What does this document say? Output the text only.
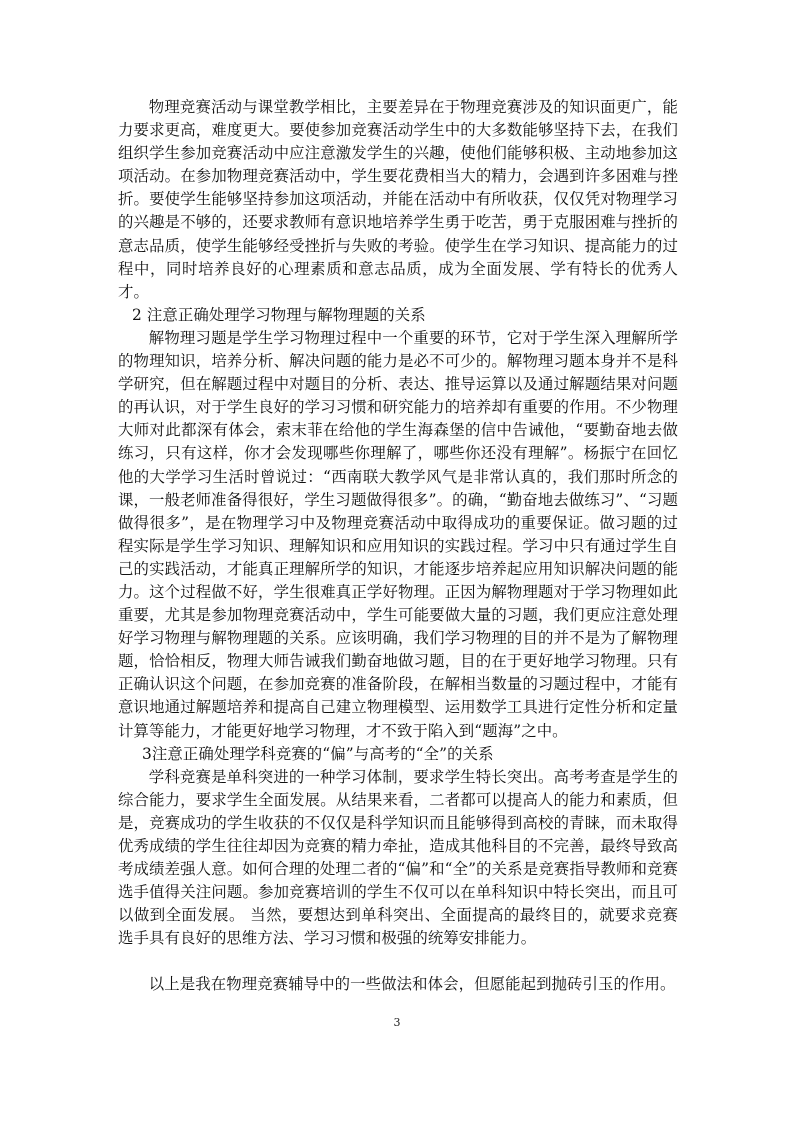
物理竞赛活动与课堂教学相比，主要差异在于物理竞赛涉及的知识面更广，能力要求更高，难度更大。要使参加竞赛活动学生中的大多数能够坚持下去，在我们组织学生参加竞赛活动中应注意激发学生的兴趣，使他们能够积极、主动地参加这项活动。在参加物理竞赛活动中，学生要花费相当大的精力，会遇到许多困难与挫折。要使学生能够坚持参加这项活动，并能在活动中有所收获，仅仅凭对物理学习的兴趣是不够的，还要求教师有意识地培养学生勇于吃苦，勇于克服困难与挫折的意志品质，使学生能够经受挫折与失败的考验。使学生在学习知识、提高能力的过程中，同时培养良好的心理素质和意志品质，成为全面发展、学有特长的优秀人才。

2 注意正确处理学习物理与解物理题的关系

解物理习题是学生学习物理过程中一个重要的环节，它对于学生深入理解所学的物理知识，培养分析、解决问题的能力是必不可少的。解物理习题本身并不是科学研究，但在解题过程中对题目的分析、表达、推导运算以及通过解题结果对问题的再认识，对于学生良好的学习习惯和研究能力的培养却有重要的作用。不少物理大师对此都深有体会，索末菲在给他的学生海森堡的信中告诫他，“要勤奋地去做练习，只有这样，你才会发现哪些你理解了，哪些你还没有理解”。杨振宁在回忆他的大学学习生活时曾说过：“西南联大教学风气是非常认真的，我们那时所念的课，一般老师准备得很好，学生习题做得很多”。的确，“勤奋地去做练习”、“习题做得很多”，是在物理学习中及物理竞赛活动中取得成功的重要保证。做习题的过程实际是学生学习知识、理解知识和应用知识的实践过程。学习中只有通过学生自己的实践活动，才能真正理解所学的知识，才能逐步培养起应用知识解决问题的能力。这个过程做不好，学生很难真正学好物理。正因为解物理题对于学习物理如此重要，尤其是参加物理竞赛活动中，学生可能要做大量的习题，我们更应注意处理好学习物理与解物理题的关系。应该明确，我们学习物理的目的并不是为了解物理题，恰恰相反，物理大师告诫我们勤奋地做习题，目的在于更好地学习物理。只有正确认识这个问题，在参加竞赛的准备阶段，在解相当数量的习题过程中，才能有意识地通过解题培养和提高自己建立物理模型、运用数学工具进行定性分析和定量计算等能力，才能更好地学习物理，才不致于陷入到“题海”之中。

3注意正确处理学科竞赛的“偏”与高考的“全”的关系

学科竞赛是单科突进的一种学习体制，要求学生特长突出。高考考查是学生的综合能力，要求学生全面发展。从结果来看，二者都可以提高人的能力和素质，但是，竞赛成功的学生收获的不仅仅是科学知识而且能够得到高校的青睐，而未取得优秀成绩的学生往往却因为竞赛的精力牵扯，造成其他科目的不完善，最终导致高考成绩差强人意。如何合理的处理二者的“偏”和“全”的关系是竞赛指导教师和竞赛选手值得关注问题。参加竞赛培训的学生不仅可以在单科知识中特长突出，而且可以做到全面发展。 当然，要想达到单科突出、全面提高的最终目的，就要求竞赛选手具有良好的思维方法、学习习惯和极强的统筹安排能力。

以上是我在物理竞赛辅导中的一些做法和体会，但愿能起到抛砖引玉的作用。

3
